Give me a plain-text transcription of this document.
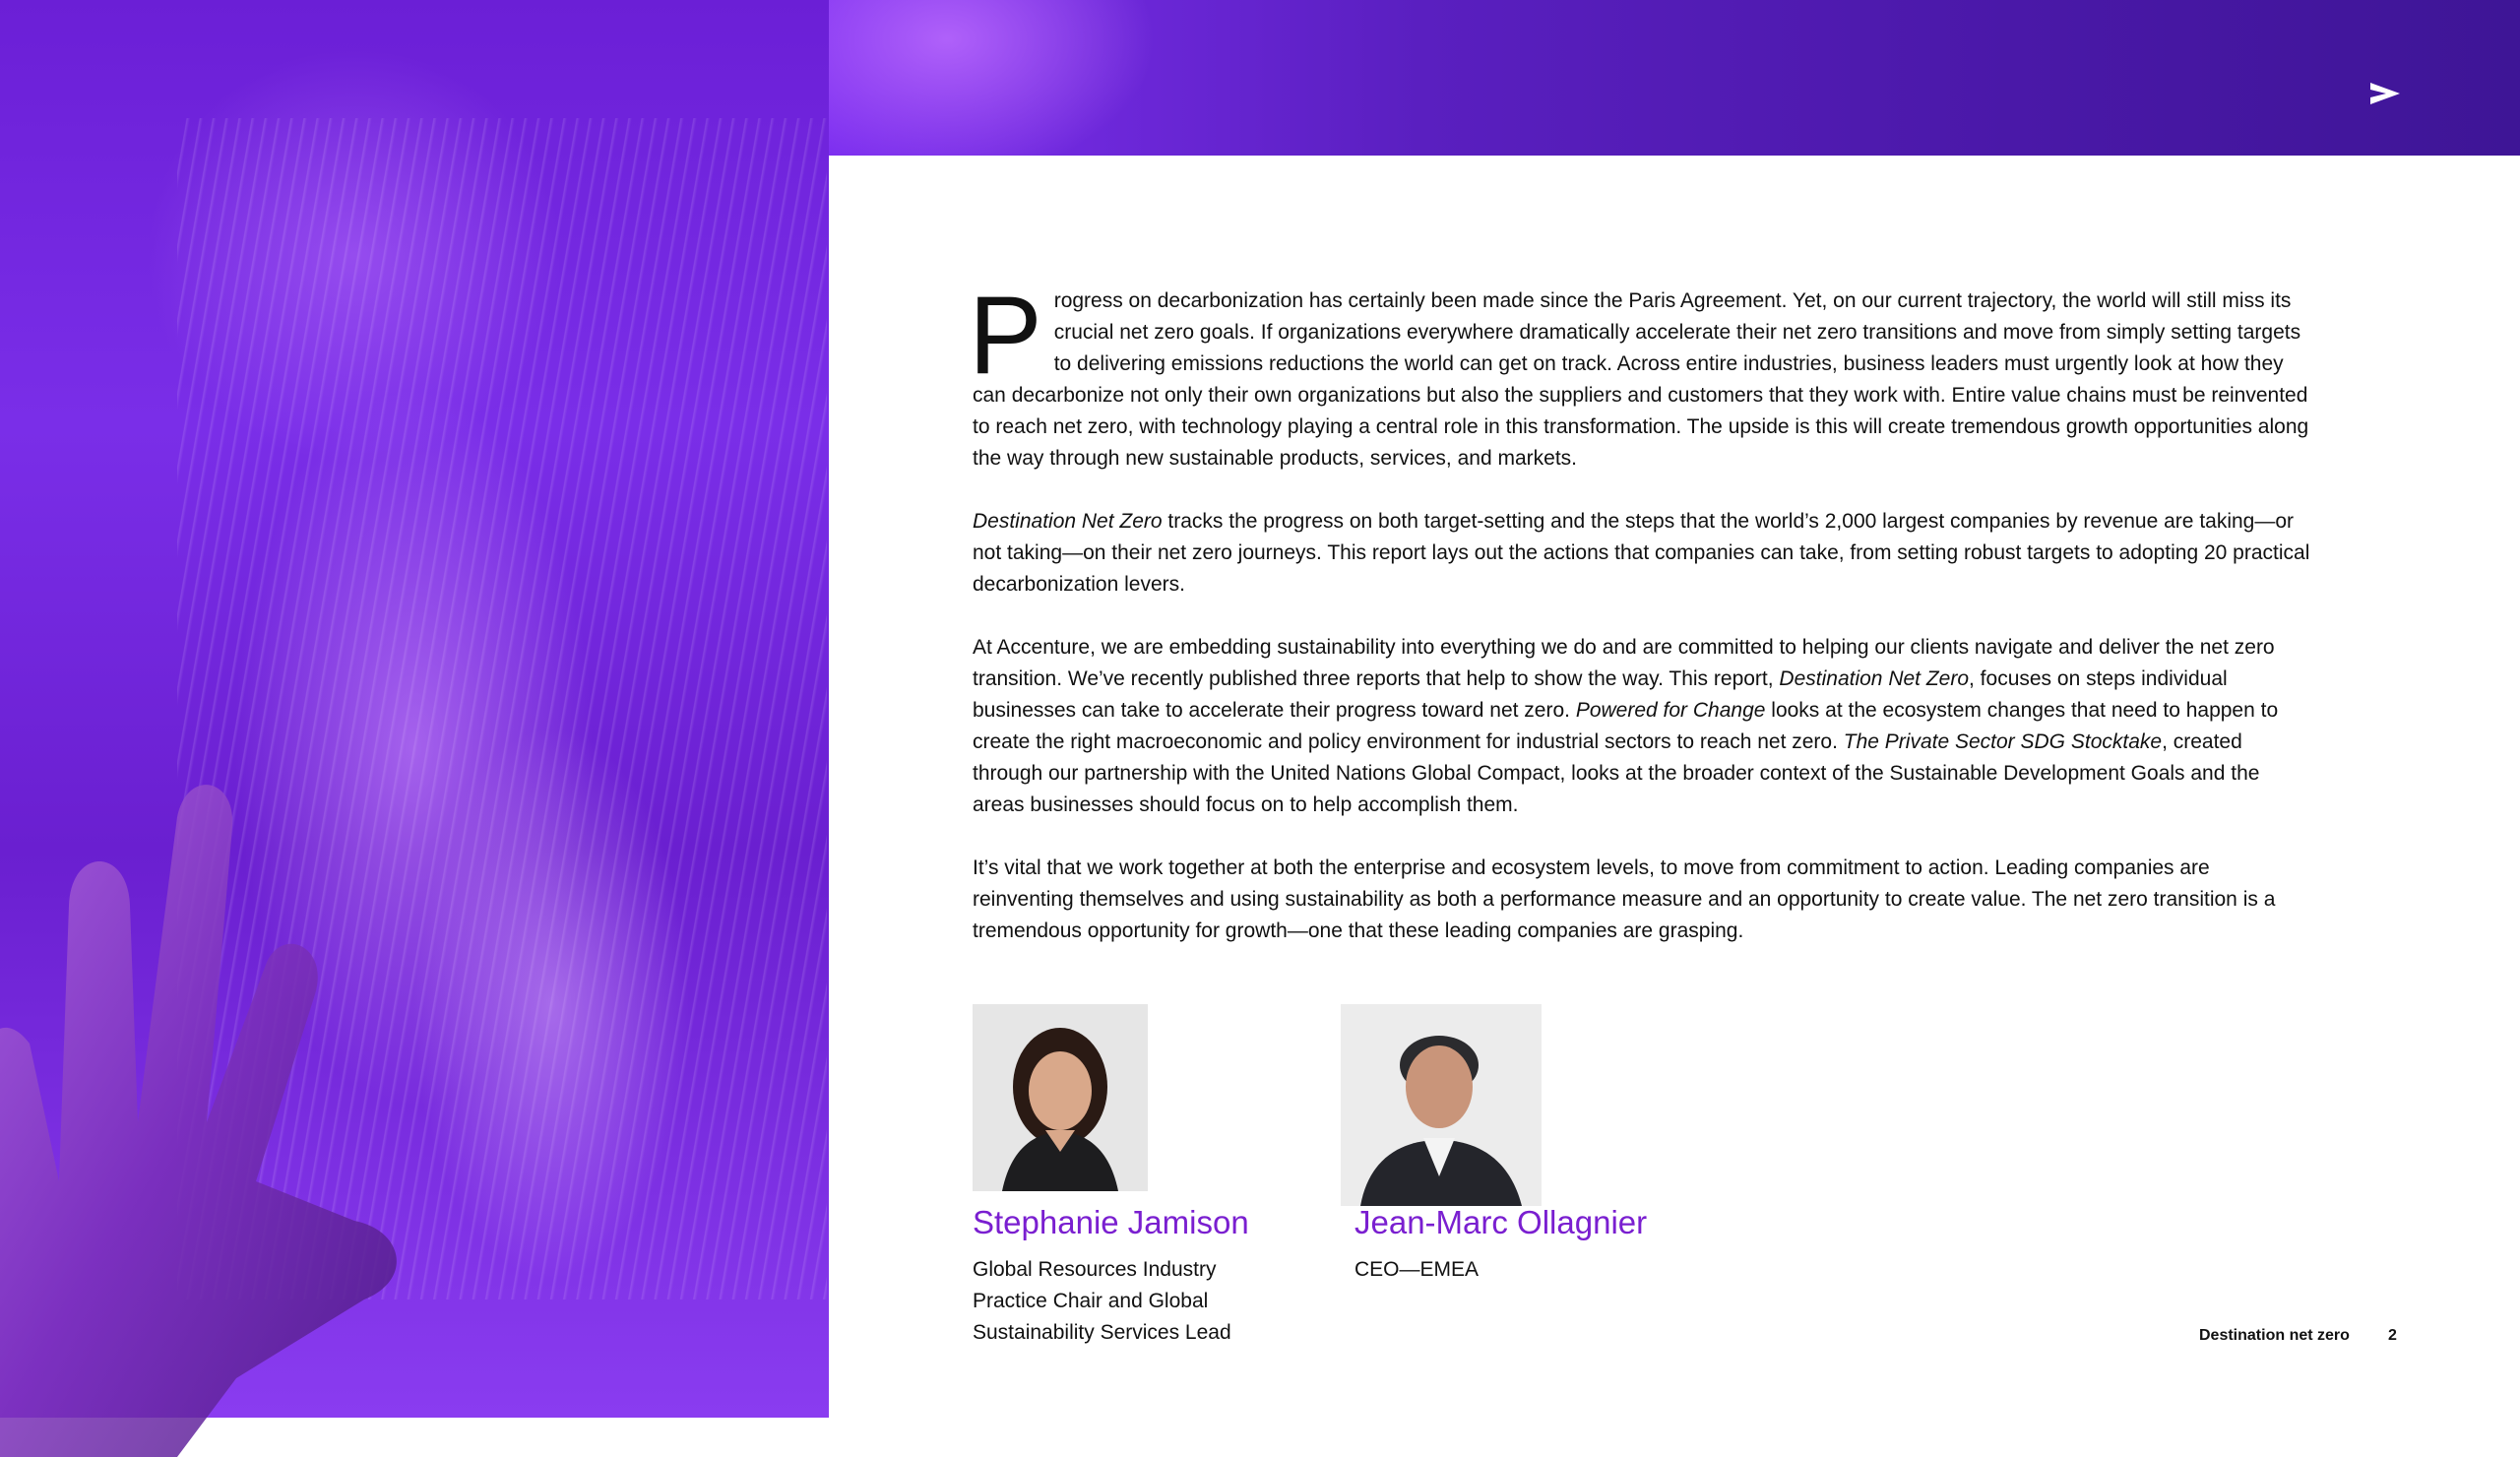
Progress on decarbonization has certainly been made since the Paris Agreement. Yet, on our current trajectory, the world will still miss its crucial net zero goals. If organizations everywhere dramatically accelerate their net zero transitions and move from simply setting targets to delivering emissions reductions the world can get on track. Across entire industries, business leaders must urgently look at how they can decarbonize not only their own organizations but also the suppliers and customers that they work with. Entire value chains must be reinvented to reach net zero, with technology playing a central role in this transformation. The upside is this will create tremendous growth opportunities along the way through new sustainable products, services, and markets.

Destination Net Zero tracks the progress on both target-setting and the steps that the world’s 2,000 largest companies by revenue are taking—or not taking—on their net zero journeys. This report lays out the actions that companies can take, from setting robust targets to adopting 20 practical decarbonization levers.

At Accenture, we are embedding sustainability into everything we do and are committed to helping our clients navigate and deliver the net zero transition. We’ve recently published three reports that help to show the way. This report, Destination Net Zero, focuses on steps individual businesses can take to accelerate their progress toward net zero. Powered for Change looks at the ecosystem changes that need to happen to create the right macroeconomic and policy environment for industrial sectors to reach net zero. The Private Sector SDG Stocktake, created through our partnership with the United Nations Global Compact, looks at the broader context of the Sustainable Development Goals and the areas businesses should focus on to help accomplish them.

It’s vital that we work together at both the enterprise and ecosystem levels, to move from commitment to action. Leading companies are reinventing themselves and using sustainability as both a performance measure and an opportunity to create value. The net zero transition is a tremendous opportunity for growth—one that these leading companies are grasping.

Stephanie Jamison	Jean-Marc Ollagnier
Global Resources Industry Practice Chair and Global Sustainability Services Lead
CEO—EMEA
Destination net zero 2
